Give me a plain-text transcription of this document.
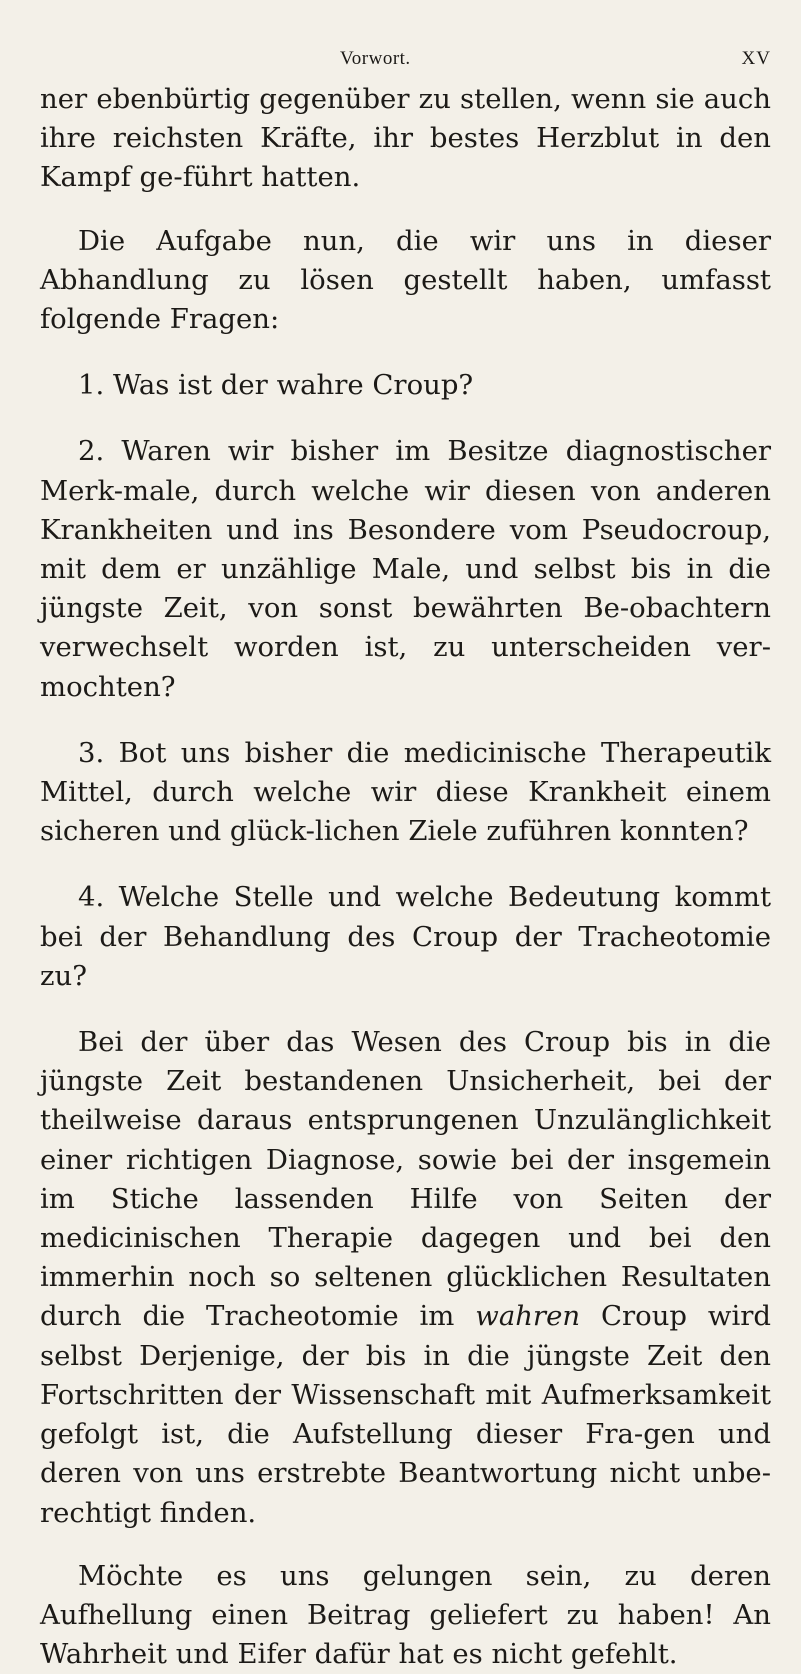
Vorwort.	XV

ner ebenbürtig gegenüber zu stellen, wenn sie auch ihre reichsten Kräfte, ihr bestes Herzblut in den Kampf ge-führt hatten.

Die Aufgabe nun, die wir uns in dieser Abhandlung zu lösen gestellt haben, umfasst folgende Fragen:

1. Was ist der wahre Croup?

2. Waren wir bisher im Besitze diagnostischer Merk-male, durch welche wir diesen von anderen Krankheiten und ins Besondere vom Pseudocroup, mit dem er unzählige Male, und selbst bis in die jüngste Zeit, von sonst bewährten Be-obachtern verwechselt worden ist, zu unterscheiden ver-mochten?

3. Bot uns bisher die medicinische Therapeutik Mittel, durch welche wir diese Krankheit einem sicheren und glück-lichen Ziele zuführen konnten?

4. Welche Stelle und welche Bedeutung kommt bei der Behandlung des Croup der Tracheotomie zu?

Bei der über das Wesen des Croup bis in die jüngste Zeit bestandenen Unsicherheit, bei der theilweise daraus entsprungenen Unzulänglichkeit einer richtigen Diagnose, sowie bei der insgemein im Stiche lassenden Hilfe von Seiten der medicinischen Therapie dagegen und bei den immerhin noch so seltenen glücklichen Resultaten durch die Tracheotomie im wahren Croup wird selbst Derjenige, der bis in die jüngste Zeit den Fortschritten der Wissenschaft mit Aufmerksamkeit gefolgt ist, die Aufstellung dieser Fra-gen und deren von uns erstrebte Beantwortung nicht unbe-rechtigt finden.

Möchte es uns gelungen sein, zu deren Aufhellung einen Beitrag geliefert zu haben! An Wahrheit und Eifer dafür hat es nicht gefehlt.
